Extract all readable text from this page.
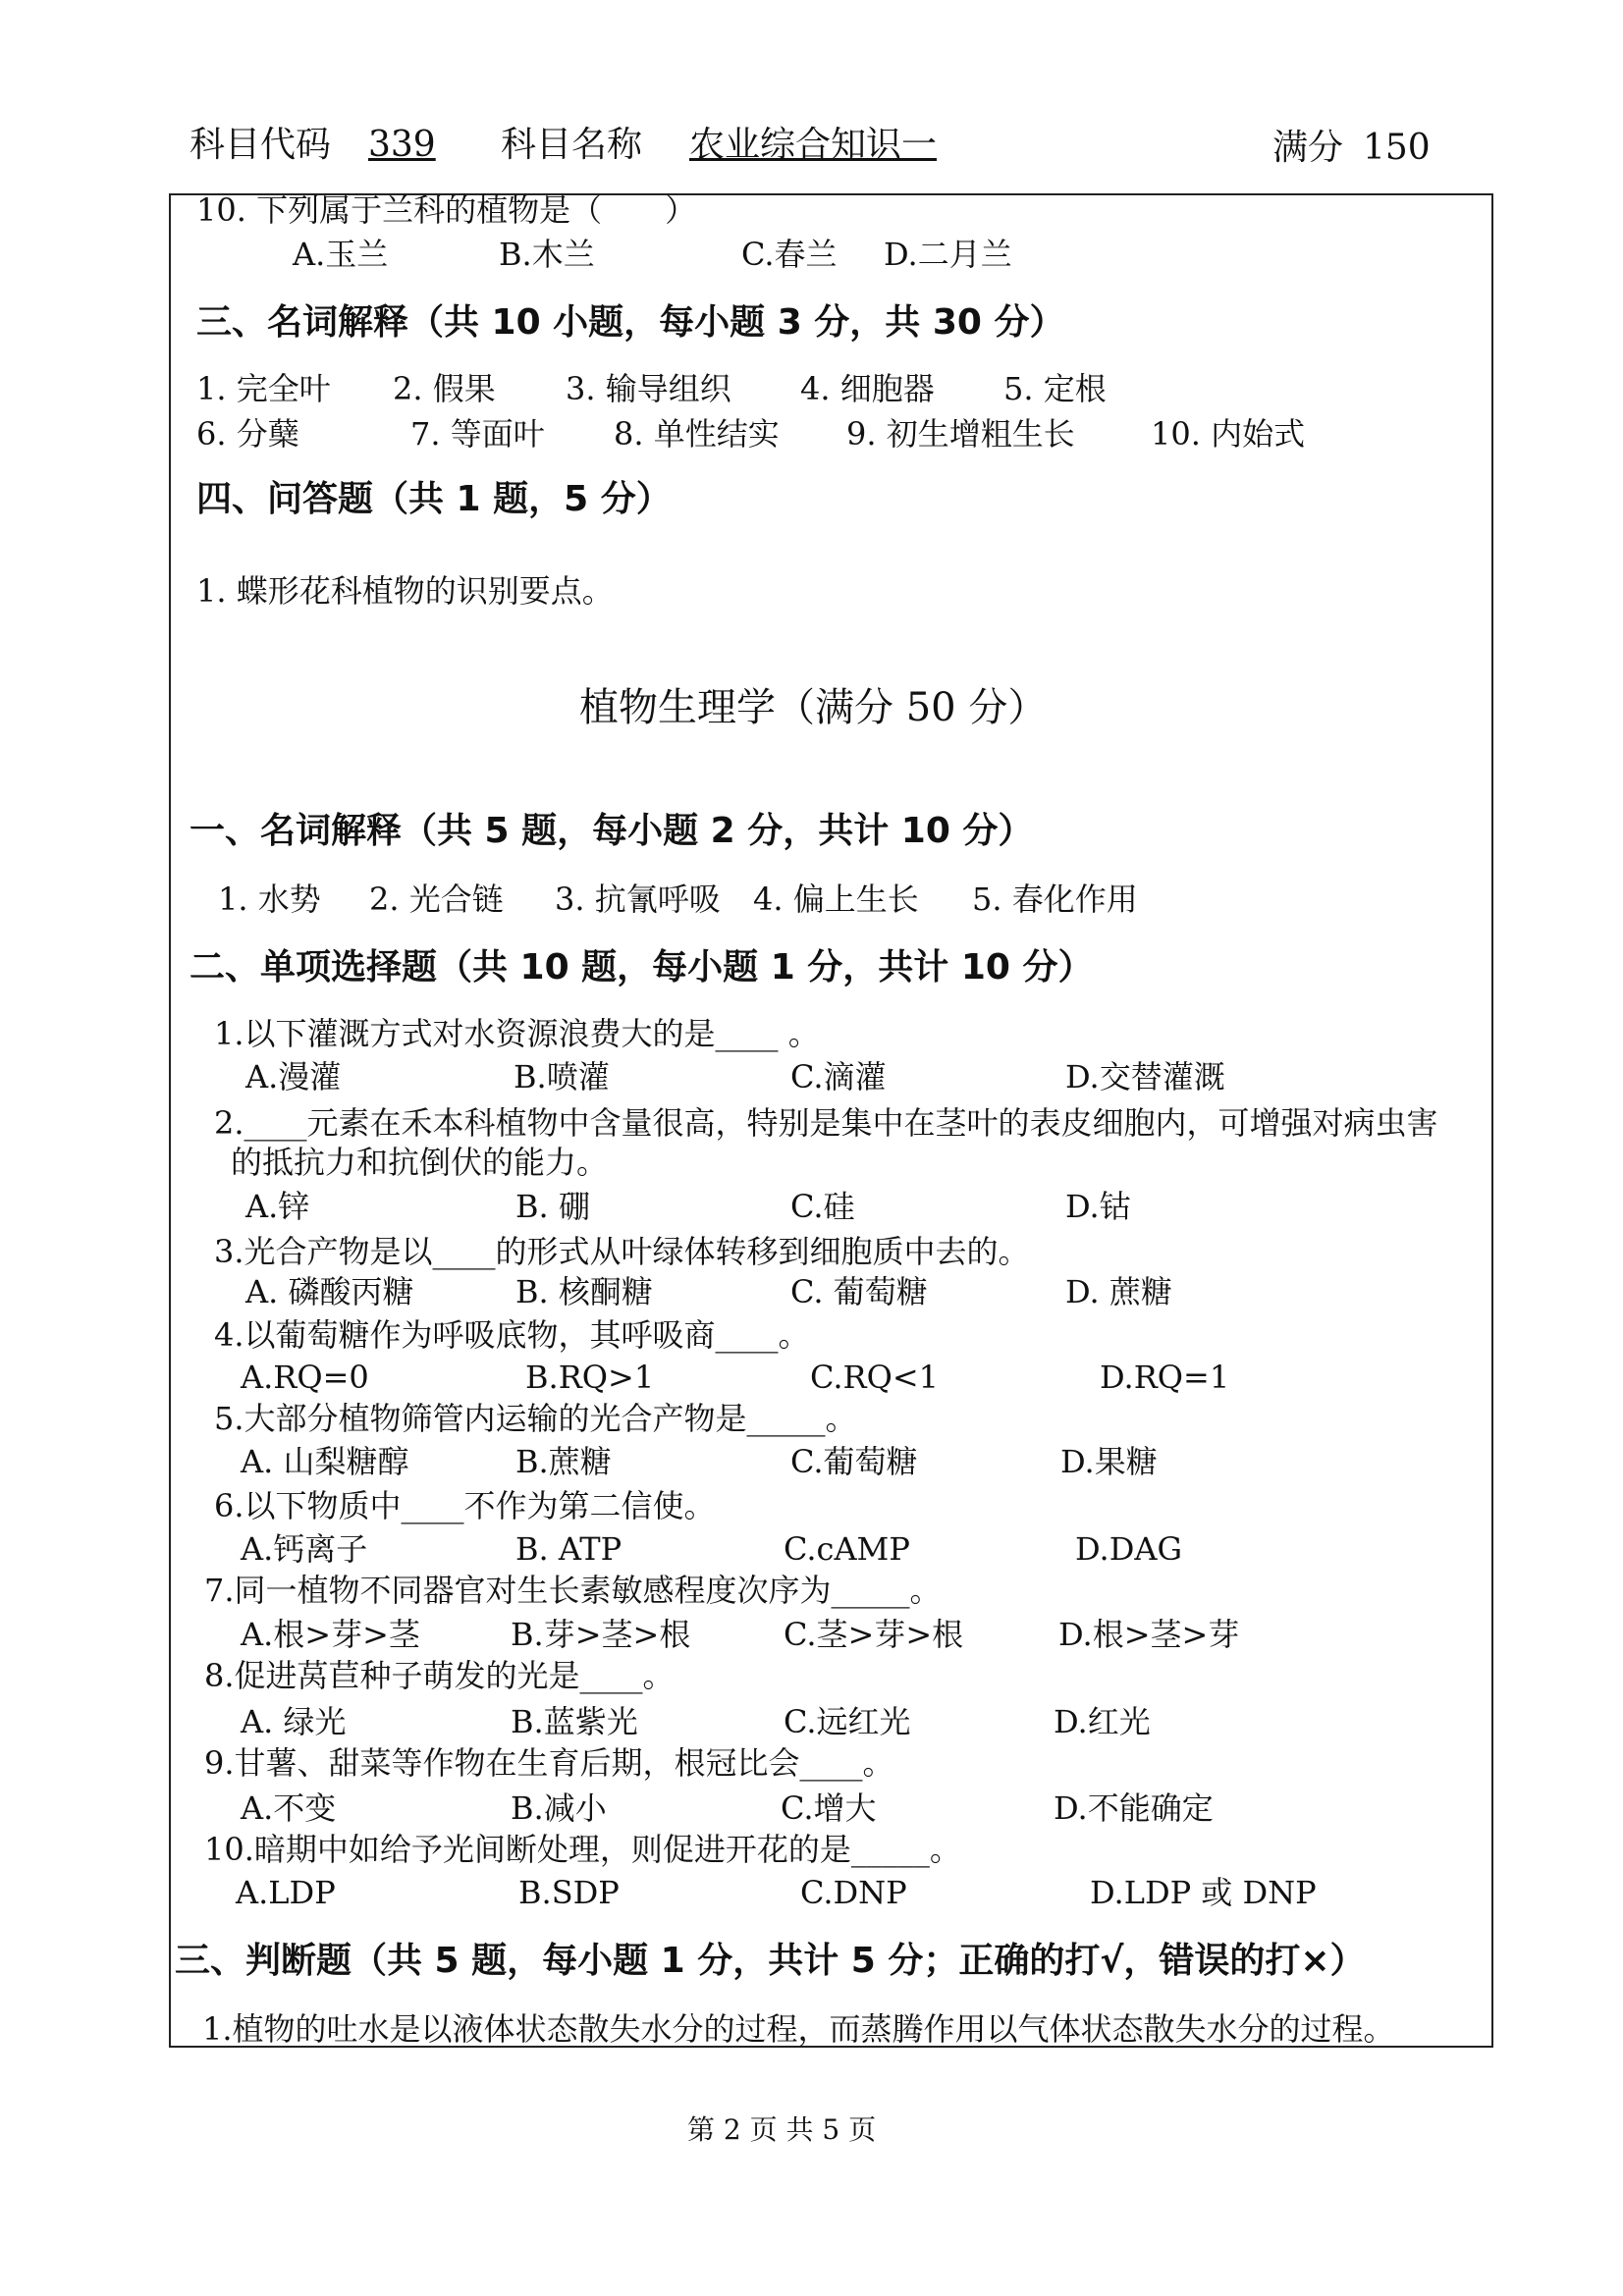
科目代码 339 科目名称 农业综合知识一	满分 150
10. 下列属于兰科的植物是（　　）
A.玉兰	B.木兰	C.春兰 D.二月兰
三、名词解释（共 10 小题，每小题 3 分，共 30 分）
四、问答题（共 1 题，5 分）
1. 蝶形花科植物的识别要点。
植物生理学（满分 50 分）
一、名词解释（共 5 题，每小题 2 分，共计 10 分）
二、单项选择题（共 10 题，每小题 1 分，共计 10 分）
三、判断题（共 5 题，每小题 1 分，共计 5 分；正确的打√，错误的打×）
1.植物的吐水是以液体状态散失水分的过程，而蒸腾作用以气体状态散失水分的过程。
第 2 页 共 5 页
1. 完全叶 2. 假果 3. 输导组织 4. 细胞器 5. 定根
6. 分蘖	7. 等面叶 8. 单性结实 9. 初生增粗生长 10. 内始式
1. 水势 2. 光合链 3. 抗氰呼吸 4. 偏上生长 5. 春化作用
1.以下灌溉方式对水资源浪费大的是____ 。
A.漫灌	B.喷灌	C.滴灌	D.交替灌溉
2.____元素在禾本科植物中含量很高，特别是集中在茎叶的表皮细胞内，可增强对病虫害
的抵抗力和抗倒伏的能力。
A.锌	B. 硼	C.硅	D.钴
3.光合产物是以____的形式从叶绿体转移到细胞质中去的。
A. 磷酸丙糖	B. 核酮糖	C. 葡萄糖	D. 蔗糖
4.以葡萄糖作为呼吸底物，其呼吸商____。
A.RQ=0	B.RQ>1	C.RQ<1	D.RQ=1
5.大部分植物筛管内运输的光合产物是_____。
A. 山梨糖醇	B.蔗糖	C.葡萄糖	D.果糖
6.以下物质中____不作为第二信使。
A.钙离子	B. ATP	C.cAMP	D.DAG
7.同一植物不同器官对生长素敏感程度次序为_____。
A.根>芽>茎	B.芽>茎>根	C.茎>芽>根	D.根>茎>芽
8.促进莴苣种子萌发的光是____。
A. 绿光	B.蓝紫光	C.远红光	D.红光
9.甘薯、甜菜等作物在生育后期，根冠比会____。
A.不变	B.减小	C.增大	D.不能确定
10.暗期中如给予光间断处理，则促进开花的是_____。
A.LDP	B.SDP	C.DNP	D.LDP 或 DNP
